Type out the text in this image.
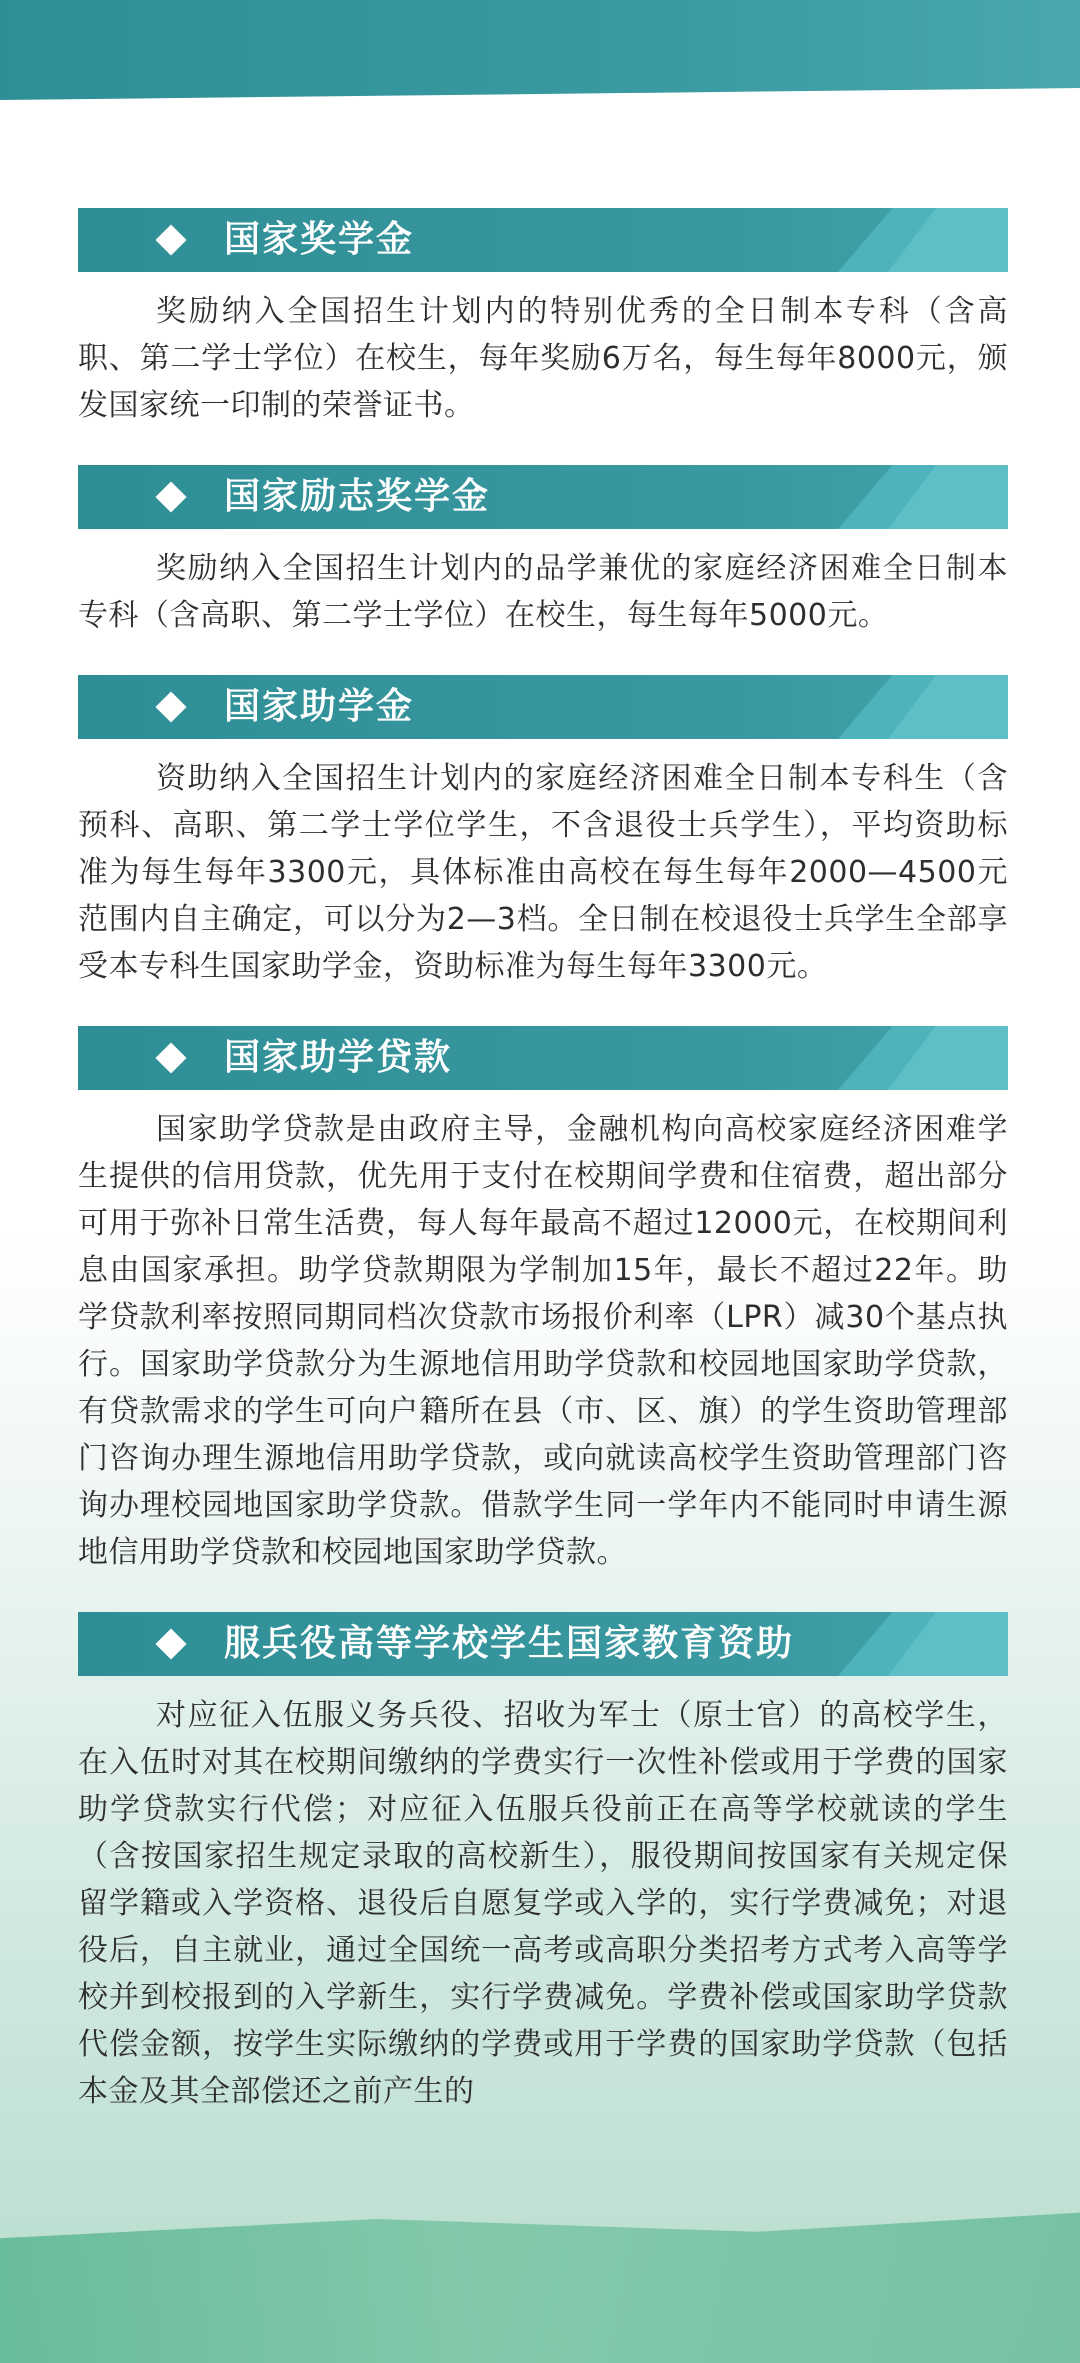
国家奖学金

奖励纳入全国招生计划内的特别优秀的全日制本专科（含高职、第二学士学位）在校生，每年奖励6万名，每生每年8000元，颁发国家统一印制的荣誉证书。

国家励志奖学金

奖励纳入全国招生计划内的品学兼优的家庭经济困难全日制本专科（含高职、第二学士学位）在校生，每生每年5000元。

国家助学金

资助纳入全国招生计划内的家庭经济困难全日制本专科生（含预科、高职、第二学士学位学生，不含退役士兵学生），平均资助标准为每生每年3300元，具体标准由高校在每生每年2000—4500元范围内自主确定，可以分为2—3档。全日制在校退役士兵学生全部享受本专科生国家助学金，资助标准为每生每年3300元。

国家助学贷款

国家助学贷款是由政府主导，金融机构向高校家庭经济困难学生提供的信用贷款，优先用于支付在校期间学费和住宿费，超出部分可用于弥补日常生活费，每人每年最高不超过12000元，在校期间利息由国家承担。助学贷款期限为学制加15年，最长不超过22年。助学贷款利率按照同期同档次贷款市场报价利率（LPR）减30个基点执行。国家助学贷款分为生源地信用助学贷款和校园地国家助学贷款，有贷款需求的学生可向户籍所在县（市、区、旗）的学生资助管理部门咨询办理生源地信用助学贷款，或向就读高校学生资助管理部门咨询办理校园地国家助学贷款。借款学生同一学年内不能同时申请生源地信用助学贷款和校园地国家助学贷款。

服兵役高等学校学生国家教育资助

对应征入伍服义务兵役、招收为军士（原士官）的高校学生，在入伍时对其在校期间缴纳的学费实行一次性补偿或用于学费的国家助学贷款实行代偿；对应征入伍服兵役前正在高等学校就读的学生（含按国家招生规定录取的高校新生），服役期间按国家有关规定保留学籍或入学资格、退役后自愿复学或入学的，实行学费减免；对退役后，自主就业，通过全国统一高考或高职分类招考方式考入高等学校并到校报到的入学新生，实行学费减免。学费补偿或国家助学贷款代偿金额，按学生实际缴纳的学费或用于学费的国家助学贷款（包括本金及其全部偿还之前产生的
